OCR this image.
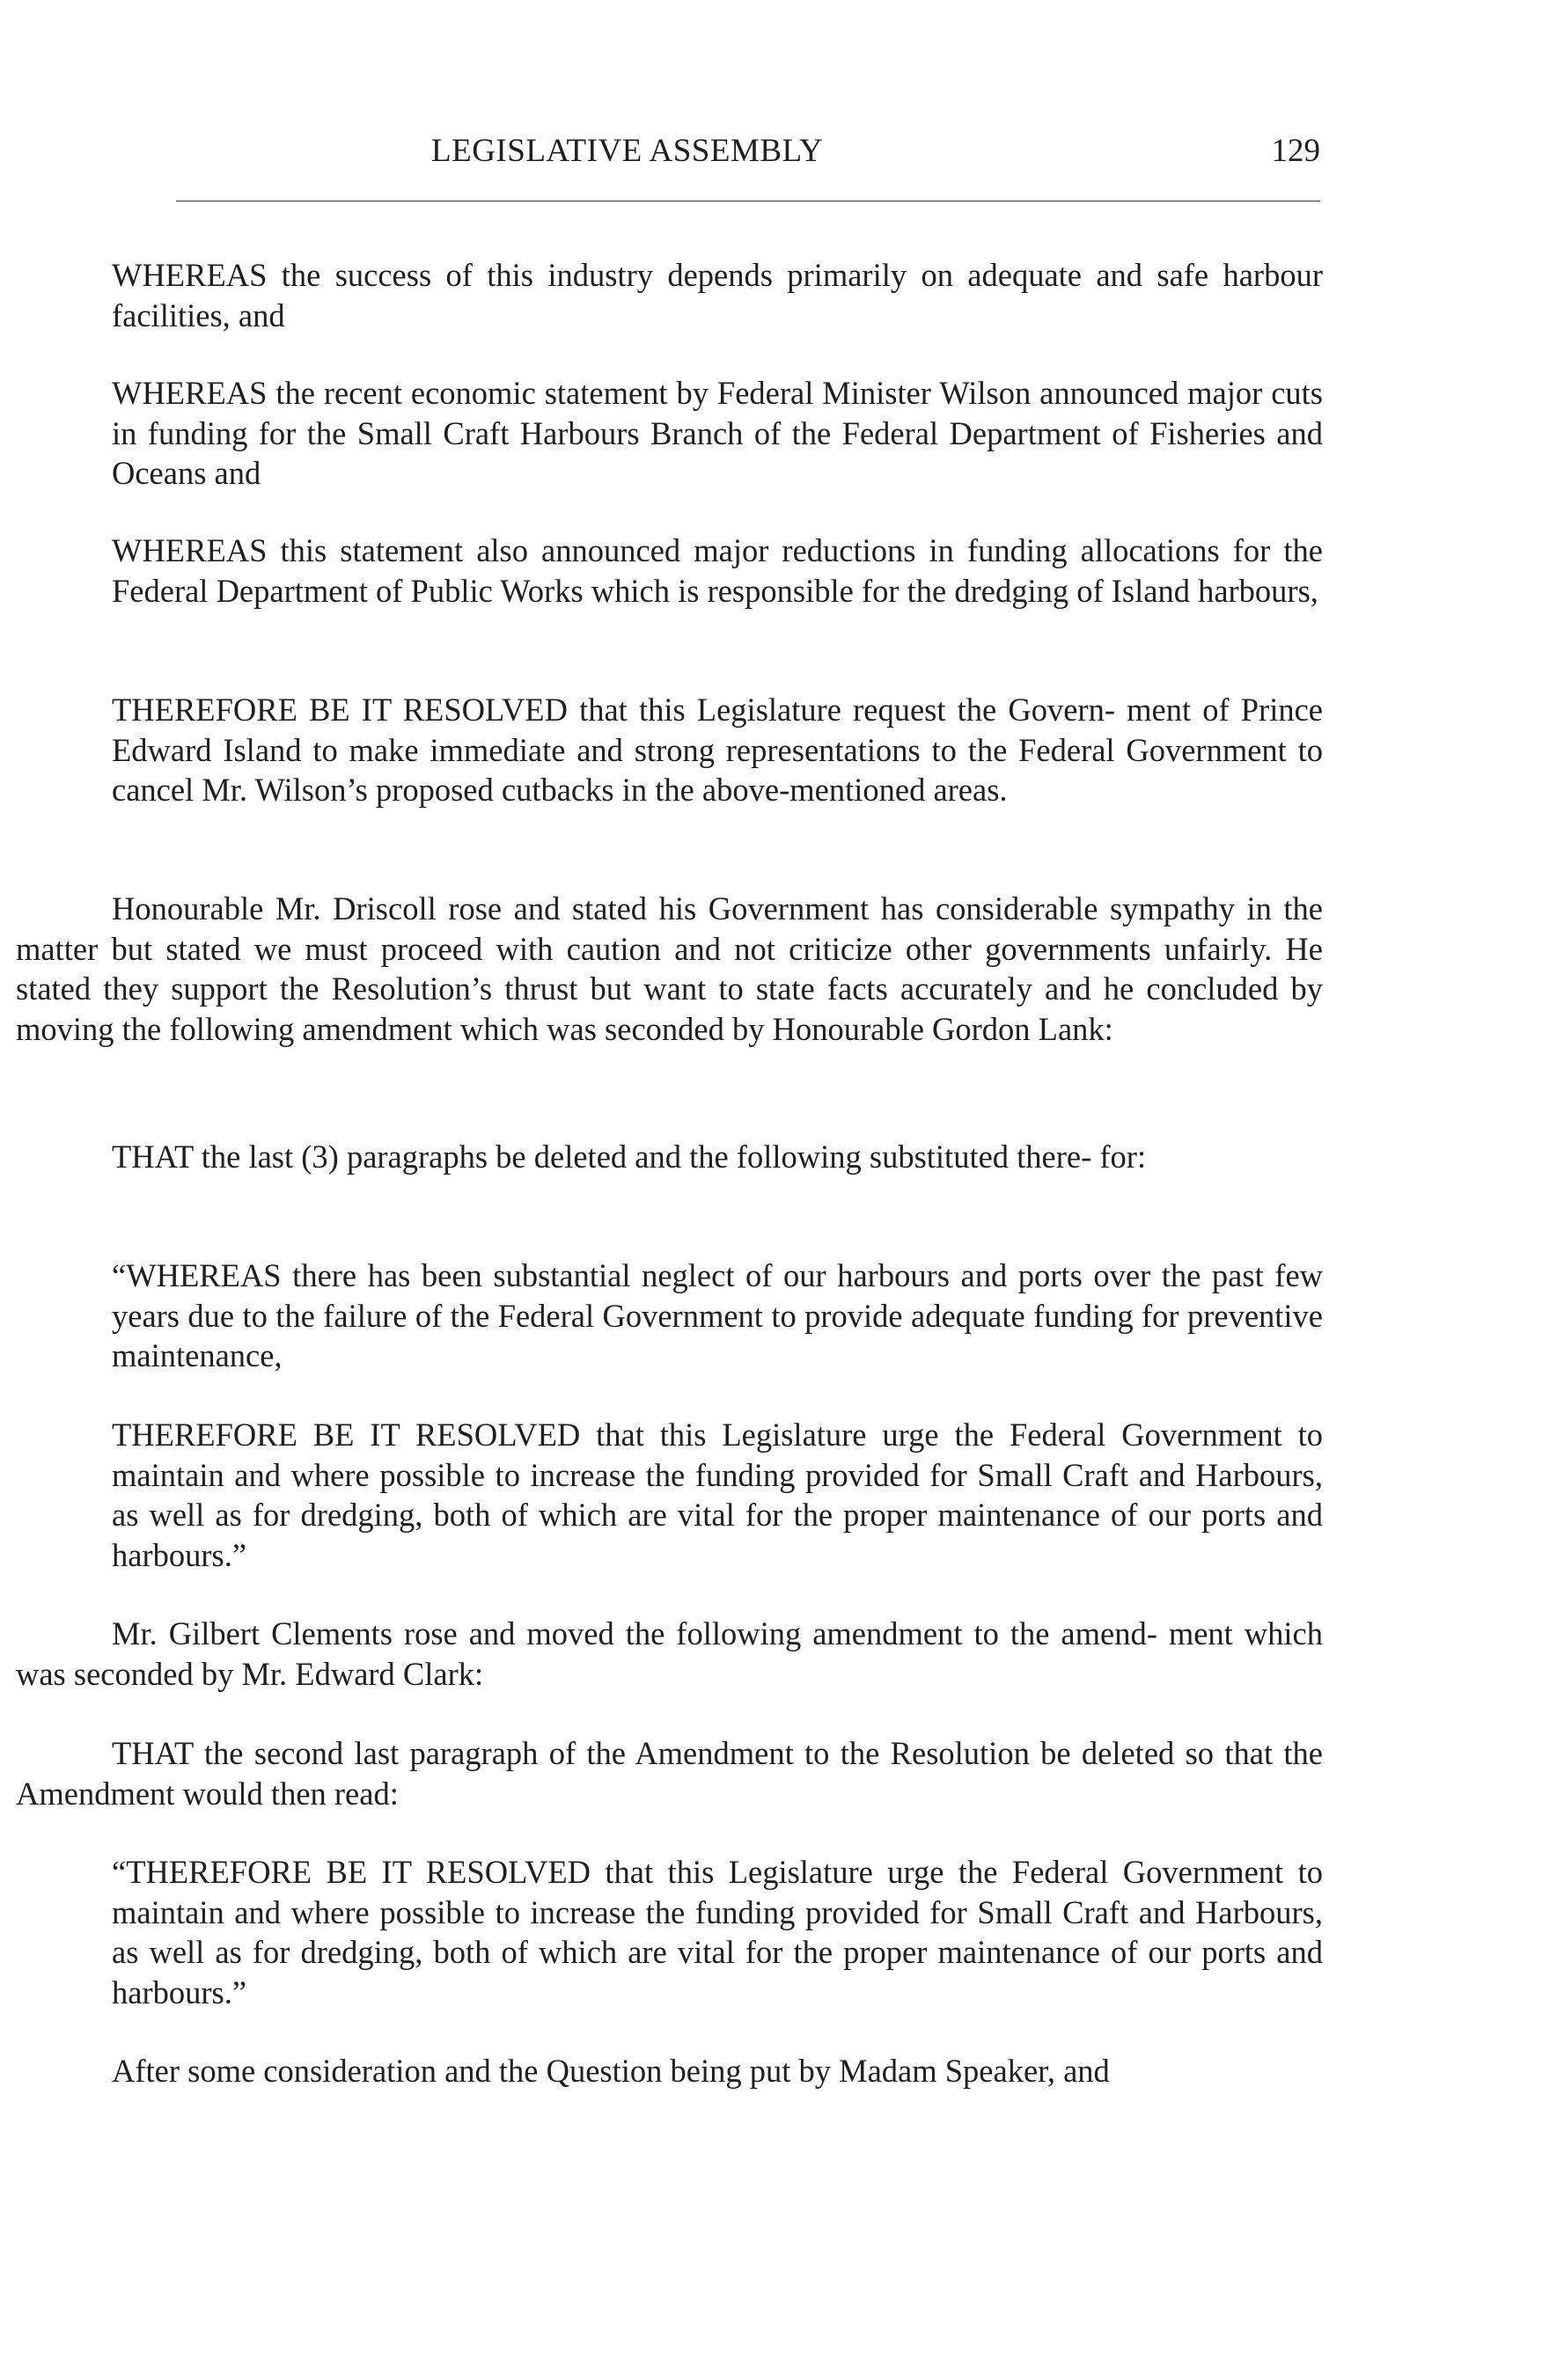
LEGISLATIVE ASSEMBLY	129

WHEREAS the success of this industry depends primarily on adequate and safe harbour facilities, and

WHEREAS the recent economic statement by Federal Minister Wilson announced major cuts in funding for the Small Craft Harbours Branch of the Federal Department of Fisheries and Oceans and

WHEREAS this statement also announced major reductions in funding allocations for the Federal Department of Public Works which is responsible for the dredging of Island harbours,

THEREFORE BE IT RESOLVED that this Legislature request the Govern- ment of Prince Edward Island to make immediate and strong representations to the Federal Government to cancel Mr. Wilson’s proposed cutbacks in the above-mentioned areas.

Honourable Mr. Driscoll rose and stated his Government has considerable sympathy in the matter but stated we must proceed with caution and not criticize other governments unfairly. He stated they support the Resolution’s thrust but want to state facts accurately and he concluded by moving the following amendment which was seconded by Honourable Gordon Lank:

THAT the last (3) paragraphs be deleted and the following substituted there- for:

“WHEREAS there has been substantial neglect of our harbours and ports over the past few years due to the failure of the Federal Government to provide adequate funding for preventive maintenance,

THEREFORE BE IT RESOLVED that this Legislature urge the Federal Government to maintain and where possible to increase the funding provided for Small Craft and Harbours, as well as for dredging, both of which are vital for the proper maintenance of our ports and harbours.”

Mr. Gilbert Clements rose and moved the following amendment to the amend- ment which was seconded by Mr. Edward Clark:

THAT the second last paragraph of the Amendment to the Resolution be deleted so that the Amendment would then read:

“THEREFORE BE IT RESOLVED that this Legislature urge the Federal Government to maintain and where possible to increase the funding provided for Small Craft and Harbours, as well as for dredging, both of which are vital for the proper maintenance of our ports and harbours.”

After some consideration and the Question being put by Madam Speaker, and
